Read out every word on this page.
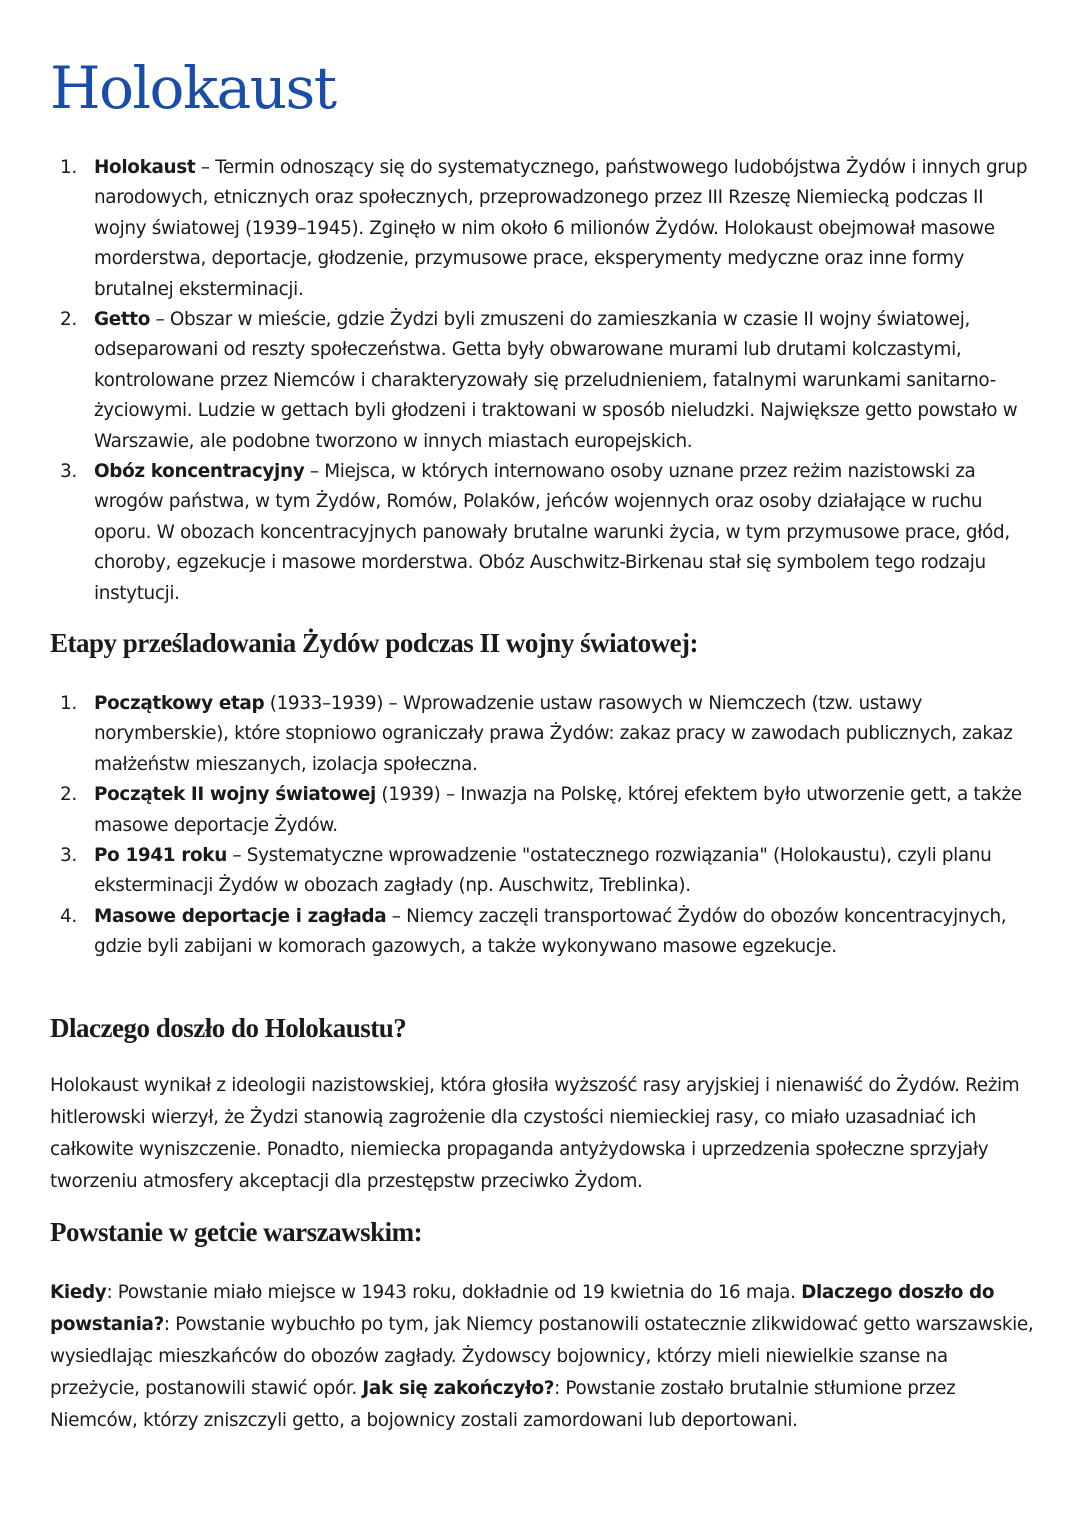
Holokaust
1. Holokaust – Termin odnoszący się do systematycznego, państwowego ludobójstwa Żydów i innych grup narodowych, etnicznych oraz społecznych, przeprowadzonego przez III Rzeszę Niemiecką podczas II wojny światowej (1939–1945). Zginęło w nim około 6 milionów Żydów. Holokaust obejmował masowe morderstwa, deportacje, głodzenie, przymusowe prace, eksperymenty medyczne oraz inne formy brutalnej eksterminacji.
2. Getto – Obszar w mieście, gdzie Żydzi byli zmuszeni do zamieszkania w czasie II wojny światowej, odseparowani od reszty społeczeństwa. Getta były obwarowane murami lub drutami kolczastymi, kontrolowane przez Niemców i charakteryzowały się przeludnieniem, fatalnymi warunkami sanitarno-życiowymi. Ludzie w gettach byli głodzeni i traktowani w sposób nieludzki. Największe getto powstało w Warszawie, ale podobne tworzono w innych miastach europejskich.
3. Obóz koncentracyjny – Miejsca, w których internowano osoby uznane przez reżim nazistowski za wrogów państwa, w tym Żydów, Romów, Polaków, jeńców wojennych oraz osoby działające w ruchu oporu. W obozach koncentracyjnych panowały brutalne warunki życia, w tym przymusowe prace, głód, choroby, egzekucje i masowe morderstwa. Obóz Auschwitz-Birkenau stał się symbolem tego rodzaju instytucji.
Etapy prześladowania Żydów podczas II wojny światowej:
1. Początkowy etap (1933–1939) – Wprowadzenie ustaw rasowych w Niemczech (tzw. ustawy norymberskie), które stopniowo ograniczały prawa Żydów: zakaz pracy w zawodach publicznych, zakaz małżeństw mieszanych, izolacja społeczna.
2. Początek II wojny światowej (1939) – Inwazja na Polskę, której efektem było utworzenie gett, a także masowe deportacje Żydów.
3. Po 1941 roku – Systematyczne wprowadzenie "ostatecznego rozwiązania" (Holokaustu), czyli planu eksterminacji Żydów w obozach zagłady (np. Auschwitz, Treblinka).
4. Masowe deportacje i zagłada – Niemcy zaczęli transportować Żydów do obozów koncentracyjnych, gdzie byli zabijani w komorach gazowych, a także wykonywano masowe egzekucje.
Dlaczego doszło do Holokaustu?

Holokaust wynikał z ideologii nazistowskiej, która głosiła wyższość rasy aryjskiej i nienawiść do Żydów. Reżim hitlerowski wierzył, że Żydzi stanowią zagrożenie dla czystości niemieckiej rasy, co miało uzasadniać ich całkowite wyniszczenie. Ponadto, niemiecka propaganda antyżydowska i uprzedzenia społeczne sprzyjały tworzeniu atmosfery akceptacji dla przestępstw przeciwko Żydom.

Powstanie w getcie warszawskim:

Kiedy: Powstanie miało miejsce w 1943 roku, dokładnie od 19 kwietnia do 16 maja. Dlaczego doszło do powstania?: Powstanie wybuchło po tym, jak Niemcy postanowili ostatecznie zlikwidować getto warszawskie, wysiedlając mieszkańców do obozów zagłady. Żydowscy bojownicy, którzy mieli niewielkie szanse na przeżycie, postanowili stawić opór. Jak się zakończyło?: Powstanie zostało brutalnie stłumione przez Niemców, którzy zniszczyli getto, a bojownicy zostali zamordowani lub deportowani.
